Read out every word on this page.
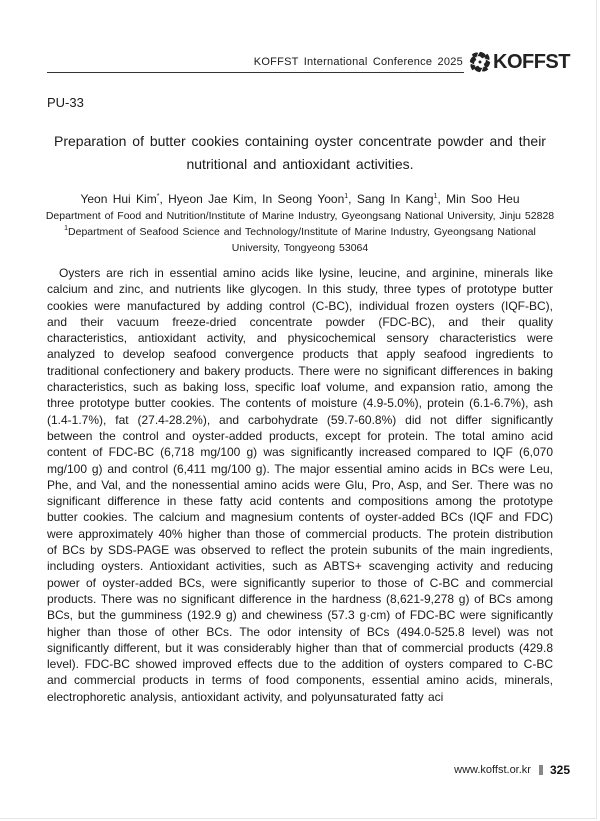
KOFFST International Conference 2025 KOFFST
PU-33
Preparation of butter cookies containing oyster concentrate powder and their nutritional and antioxidant activities.
Yeon Hui Kim*, Hyeon Jae Kim, In Seong Yoon$^1$, Sang In Kang$^1$, Min Soo Heu
Department of Food and Nutrition/Institute of Marine Industry, Gyeongsang National University, Jinju 52828
$^1$Department of Seafood Science and Technology/Institute of Marine Industry, Gyeongsang National University, Tongyeong 53064
Oysters are rich in essential amino acids like lysine, leucine, and arginine, minerals like calcium and zinc, and nutrients like glycogen. In this study, three types of prototype butter cookies were manufactured by adding control (C-BC), individual frozen oysters (IQF-BC), and their vacuum freeze-dried concentrate powder (FDC-BC), and their quality characteristics, antioxidant activity, and physicochemical sensory characteristics were analyzed to develop seafood convergence products that apply seafood ingredients to traditional confectionery and bakery products. There were no significant differences in baking characteristics, such as baking loss, specific loaf volume, and expansion ratio, among the three prototype butter cookies. The contents of moisture (4.9-5.0%), protein (6.1-6.7%), ash (1.4-1.7%), fat (27.4-28.2%), and carbohydrate (59.7-60.8%) did not differ significantly between the control and oyster-added products, except for protein. The total amino acid content of FDC-BC (6,718 mg/100 g) was significantly increased compared to IQF (6,070 mg/100 g) and control (6,411 mg/100 g). The major essential amino acids in BCs were Leu, Phe, and Val, and the nonessential amino acids were Glu, Pro, Asp, and Ser. There was no significant difference in these fatty acid contents and compositions among the prototype butter cookies. The calcium and magnesium contents of oyster-added BCs (IQF and FDC) were approximately 40% higher than those of commercial products. The protein distribution of BCs by SDS-PAGE was observed to reflect the protein subunits of the main ingredients, including oysters. Antioxidant activities, such as ABTS+ scavenging activity and reducing power of oyster-added BCs, were significantly superior to those of C-BC and commercial products. There was no significant difference in the hardness (8,621-9,278 g) of BCs among BCs, but the gumminess (192.9 g) and chewiness (57.3 g·cm) of FDC-BC were significantly higher than those of other BCs. The odor intensity of BCs (494.0-525.8 level) was not significantly different, but it was considerably higher than that of commercial products (429.8 level). FDC-BC showed improved effects due to the addition of oysters compared to C-BC and commercial products in terms of food components, essential amino acids, minerals, electrophoretic analysis, antioxidant activity, and polyunsaturated fatty aci
www.koffst.or.kr 325
